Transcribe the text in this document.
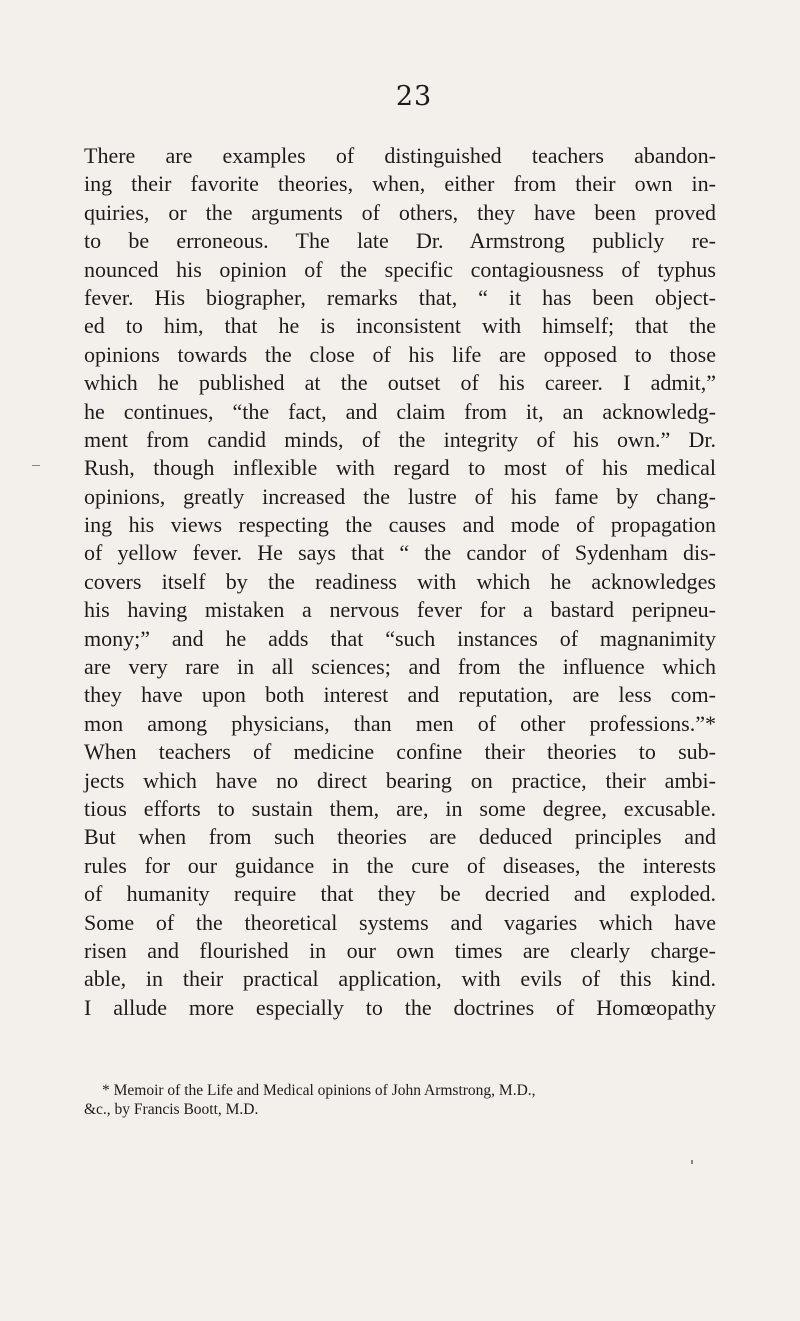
23
There are examples of distinguished teachers abandon-
ing their favorite theories, when, either from their own in-
quiries, or the arguments of others, they have been proved
to be erroneous. The late Dr. Armstrong publicly re-
nounced his opinion of the specific contagiousness of typhus
fever. His biographer, remarks that, “ it has been object-
ed to him, that he is inconsistent with himself; that the
opinions towards the close of his life are opposed to those
which he published at the outset of his career. I admit,”
he continues, “the fact, and claim from it, an acknowledg-
ment from candid minds, of the integrity of his own.” Dr.
Rush, though inflexible with regard to most of his medical
opinions, greatly increased the lustre of his fame by chang-
ing his views respecting the causes and mode of propagation
of yellow fever. He says that “ the candor of Sydenham dis-
covers itself by the readiness with which he acknowledges
his having mistaken a nervous fever for a bastard peripneu-
mony;” and he adds that “such instances of magnanimity
are very rare in all sciences; and from the influence which
they have upon both interest and reputation, are less com-
mon among physicians, than men of other professions.”*
When teachers of medicine confine their theories to sub-
jects which have no direct bearing on practice, their ambi-
tious efforts to sustain them, are, in some degree, excusable.
But when from such theories are deduced principles and
rules for our guidance in the cure of diseases, the interests
of humanity require that they be decried and exploded.
Some of the theoretical systems and vagaries which have
risen and flourished in our own times are clearly charge-
able, in their practical application, with evils of this kind.
I allude more especially to the doctrines of Homœopathy
* Memoir of the Life and Medical opinions of John Armstrong, M.D.,
&c., by Francis Boott, M.D.
